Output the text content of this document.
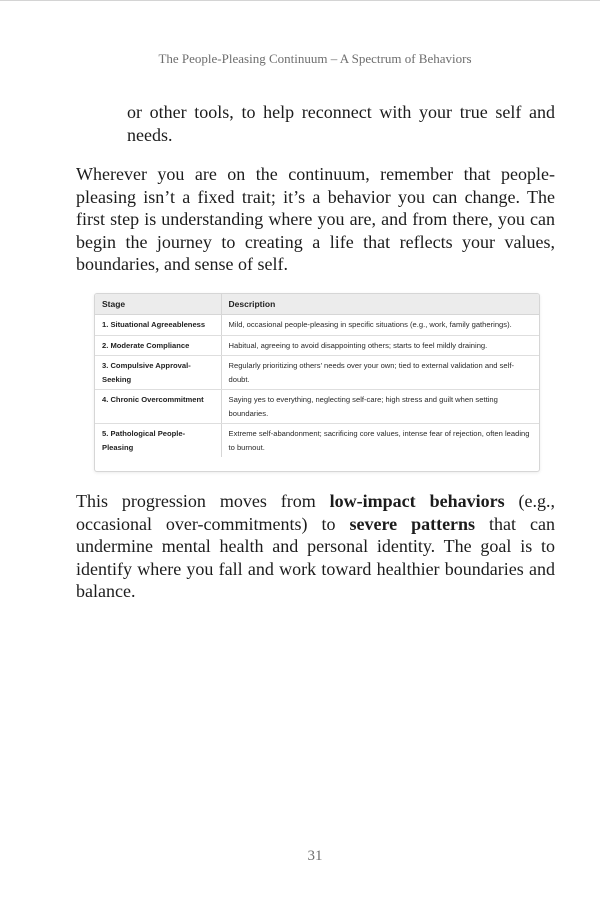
The People-Pleasing Continuum – A Spectrum of Behaviors

or other tools, to help reconnect with your true self and needs.

Wherever you are on the continuum, remember that people-pleasing isn’t a fixed trait; it’s a behavior you can change. The first step is understanding where you are, and from there, you can begin the journey to creating a life that reflects your values, boundaries, and sense of self.

Stage	Description
1. Situational Agreeableness	Mild, occasional people-pleasing in specific situations (e.g., work, family gatherings).
2. Moderate Compliance	Habitual, agreeing to avoid disappointing others; starts to feel mildly draining.
3. Compulsive Approval-Seeking	Regularly prioritizing others’ needs over your own; tied to external validation and self-doubt.
4. Chronic Overcommitment	Saying yes to everything, neglecting self-care; high stress and guilt when setting boundaries.
5. Pathological People-Pleasing	Extreme self-abandonment; sacrificing core values, intense fear of rejection, often leading to burnout.

This progression moves from low-impact behaviors (e.g., occasional over-commitments) to severe patterns that can undermine mental health and personal identity. The goal is to identify where you fall and work toward healthier boundaries and balance.

31
